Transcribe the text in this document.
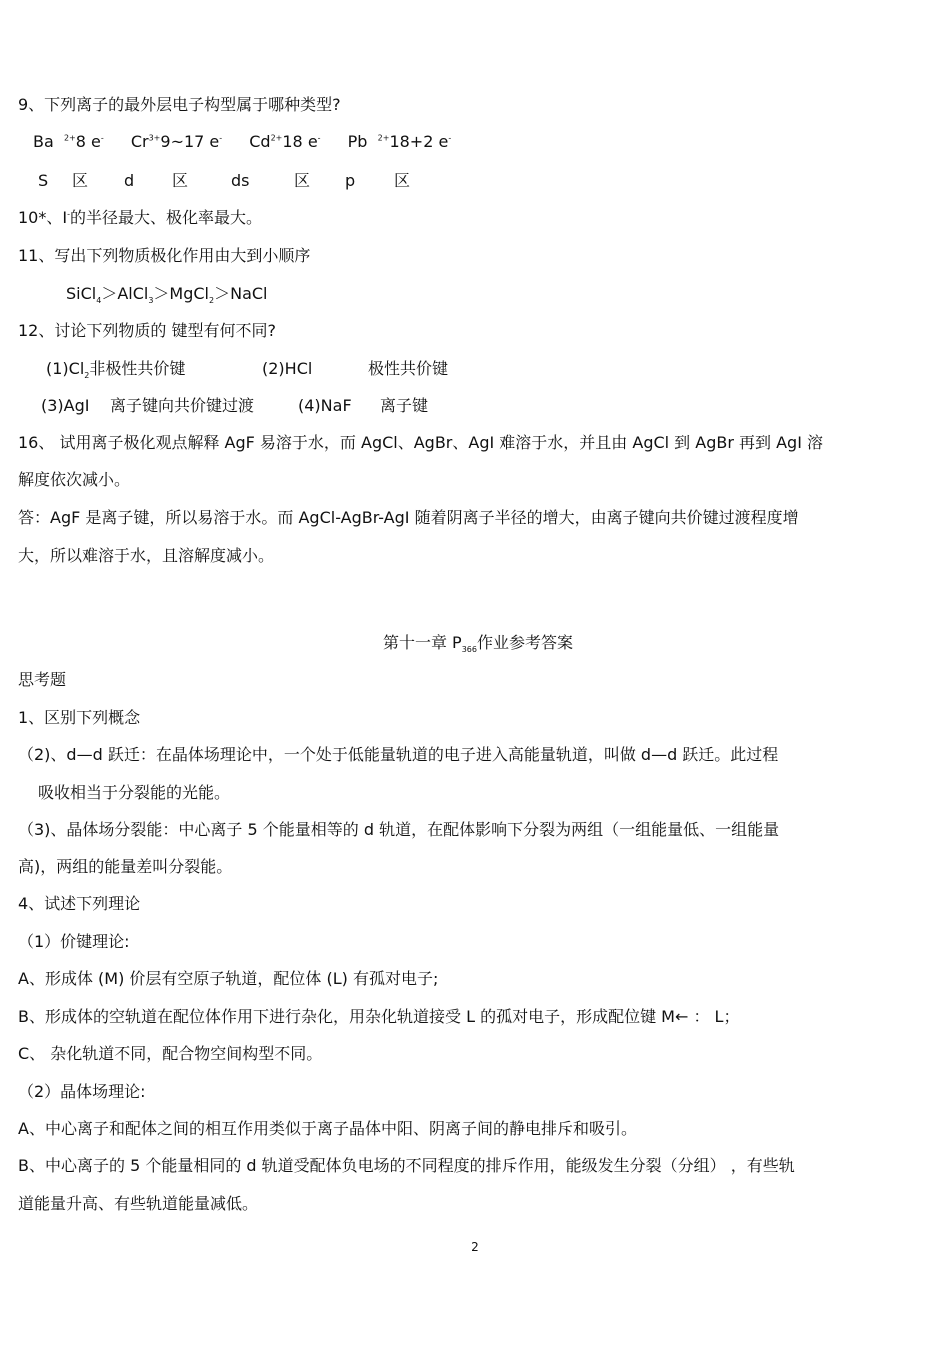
9、下列离子的最外层电子构型属于哪种类型?
Ba $^{2+}$8 e- $Cr^{3+}9\sim 17$ e- $Cd^{2+}18$ e- Pb $^{2+}$18+2 e-
S 区 d 区	ds	区 p 区
10*、I-的半径最大、极化率最大。
11、写出下列物质极化作用由大到小顺序
SiCl$_4$＞AlCl$_3$＞MgCl$_2$＞NaCl
12、讨论下列物质的 键型有何不同?
$(1)Cl_2$非极性共价键	(2)HCl	极性共价键
(3)AgI 离子键向共价键过渡	(4)NaF 离子键
16、 试用离子极化观点解释 AgF 易溶于水，而 AgCl、AgBr、AgI 难溶于水，并且由 AgCl 到 AgBr 再到 AgI 溶
解度依次减小。
答：AgF 是离子键，所以易溶于水。而 AgCl-AgBr-AgI 随着阴离子半径的增大，由离子键向共价键过渡程度增
大，所以难溶于水，且溶解度减小。
第十一章 $P_{366}$作业参考答案
思考题
1、区别下列概念
（2)、d—d 跃迁：在晶体场理论中，一个处于低能量轨道的电子进入高能量轨道，叫做 d—d 跃迁。此过程
吸收相当于分裂能的光能。
（3)、晶体场分裂能：中心离子 5 个能量相等的 d 轨道，在配体影响下分裂为两组（一组能量低、一组能量
高)，两组的能量差叫分裂能。
4、试述下列理论
（1）价键理论:
A、形成体 (M) 价层有空原子轨道，配位体 (L) 有孤对电子;
B、形成体的空轨道在配位体作用下进行杂化，用杂化轨道接受 L 的孤对电子，形成配位键 M← ： L；
C、 杂化轨道不同，配合物空间构型不同。
（2）晶体场理论:
A、中心离子和配体之间的相互作用类似于离子晶体中阳、阴离子间的静电排斥和吸引。
B、中心离子的 5 个能量相同的 d 轨道受配体负电场的不同程度的排斥作用，能级发生分裂（分组） ，有些轨
道能量升高、有些轨道能量减低。
2
